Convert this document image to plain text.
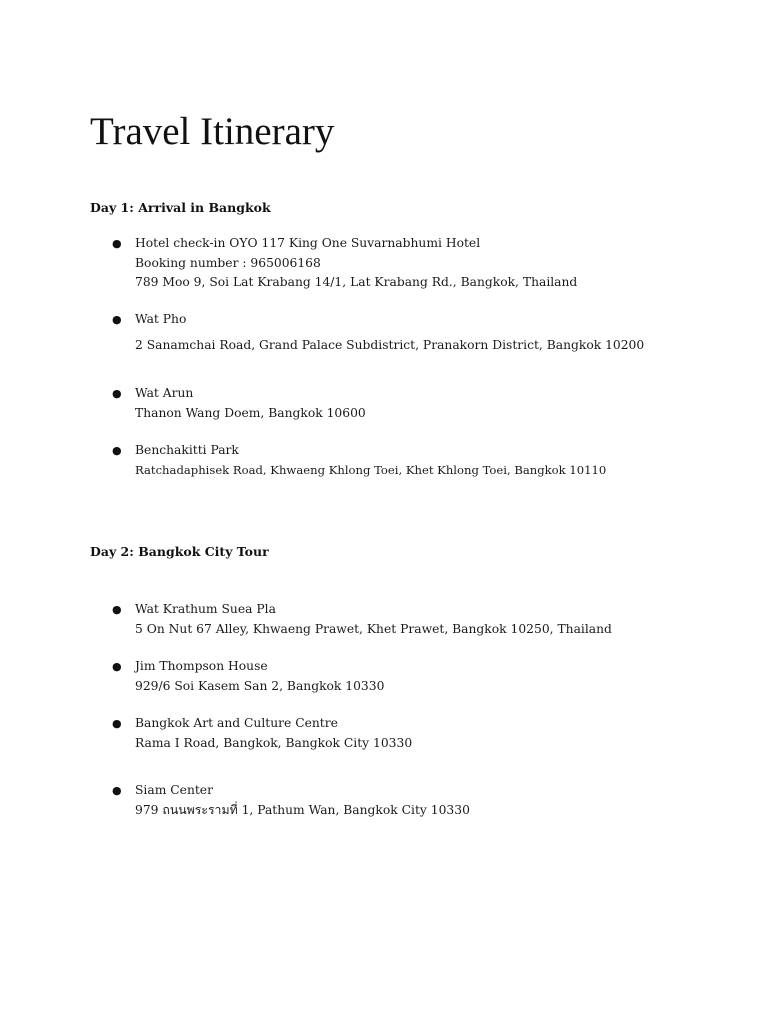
Travel Itinerary
Day 1: Arrival in Bangkok
● Hotel check-in OYO 117 King One Suvarnabhumi Hotel
Booking number : 965006168
789 Moo 9, Soi Lat Krabang 14/1, Lat Krabang Rd., Bangkok, Thailand
● Wat Pho
2 Sanamchai Road, Grand Palace Subdistrict, Pranakorn District, Bangkok 10200
● Wat Arun
Thanon Wang Doem, Bangkok 10600
● Benchakitti Park
Ratchadaphisek Road, Khwaeng Khlong Toei, Khet Khlong Toei, Bangkok 10110
Day 2: Bangkok City Tour
● Wat Krathum Suea Pla
5 On Nut 67 Alley, Khwaeng Prawet, Khet Prawet, Bangkok 10250, Thailand
● Jim Thompson House
929/6 Soi Kasem San 2, Bangkok 10330
● Bangkok Art and Culture Centre
Rama I Road, Bangkok, Bangkok City 10330
● Siam Center
979 ถนนพระรามที่ 1, Pathum Wan, Bangkok City 10330
